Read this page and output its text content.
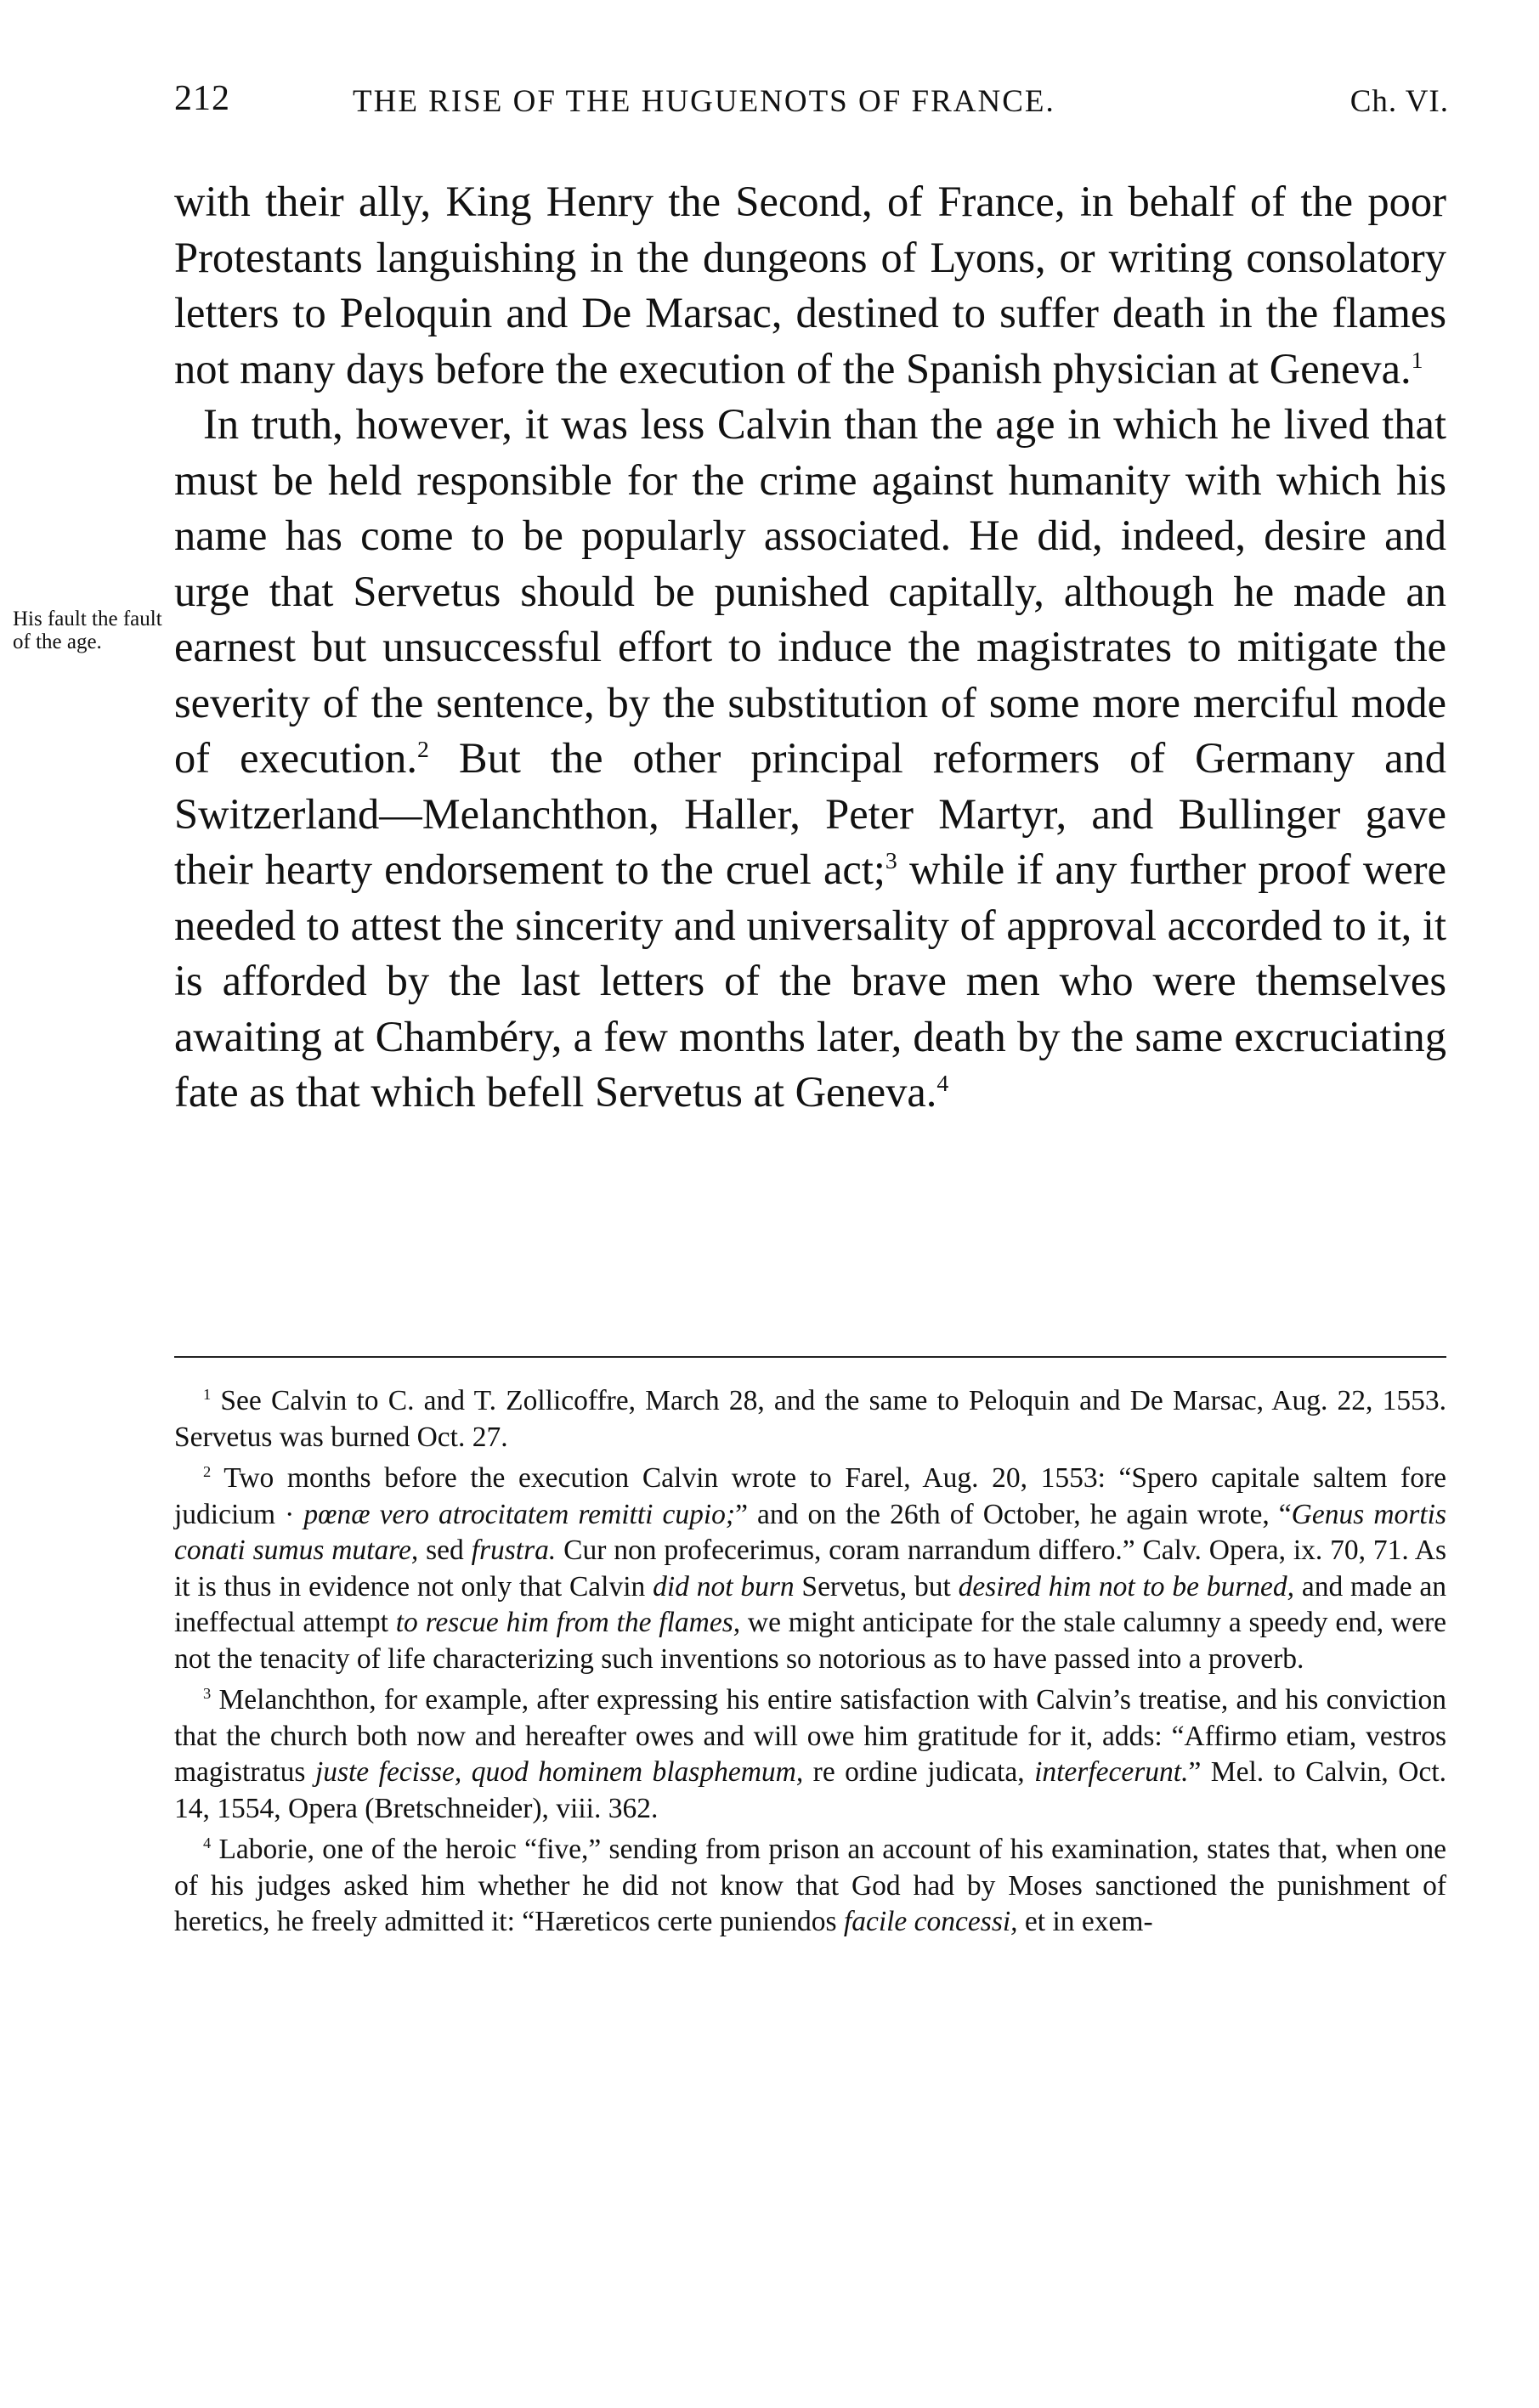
212	THE RISE OF THE HUGUENOTS OF FRANCE.	Ch. VI.

with their ally, King Henry the Second, of France, in behalf of the poor Protestants languishing in the dungeons of Lyons, or writing consolatory letters to Peloquin and De Marsac, destined to suffer death in the flames not many days before the execution of the Spanish physician at Geneva.$^1$

In truth, however, it was less Calvin than the age in which he lived that must be held responsible for the crime against humanity with which his name has come to be popularly associated. He did, indeed, desire and urge that Servetus should be punished capitally, although he made an earnest but unsuccessful effort to induce the magistrates to mitigate the severity of the sentence, by the substitution of some more merciful mode of execution.$^2$ But the other principal reformers of Germany and Switzerland—Melanchthon, Haller, Peter Martyr, and Bullinger gave their hearty endorsement to the cruel act;$^3$ while if any further proof were needed to attest the sincerity and universality of approval accorded to it, it is afforded by the last letters of the brave men who were themselves awaiting at Chambéry, a few months later, death by the same excruciating fate as that which befell Servetus at Geneva.$^4$

His fault the fault of the age.

$^1$ See Calvin to C. and T. Zollicoffre, March 28, and the same to Peloquin and De Marsac, Aug. 22, 1553. Servetus was burned Oct. 27.

$^2$ Two months before the execution Calvin wrote to Farel, Aug. 20, 1553: “Spero capitale saltem fore judicium · pœnæ vero atrocitatem remitti cupio;” and on the 26th of October, he again wrote, “Genus mortis conati sumus mutare, sed frustra. Cur non profecerimus, coram narrandum differo.” Calv. Opera, ix. 70, 71. As it is thus in evidence not only that Calvin did not burn Servetus, but desired him not to be burned, and made an ineffectual attempt to rescue him from the flames, we might anticipate for the stale calumny a speedy end, were not the tenacity of life characterizing such inventions so notorious as to have passed into a proverb.

$^3$ Melanchthon, for example, after expressing his entire satisfaction with Calvin’s treatise, and his conviction that the church both now and hereafter owes and will owe him gratitude for it, adds: “Affirmo etiam, vestros magistratus juste fecisse, quod hominem blasphemum, re ordine judicata, interfecerunt.” Mel. to Calvin, Oct. 14, 1554, Opera (Bretschneider), viii. 362.

$^4$ Laborie, one of the heroic “five,” sending from prison an account of his examination, states that, when one of his judges asked him whether he did not know that God had by Moses sanctioned the punishment of heretics, he freely admitted it: “Hæreticos certe puniendos facile concessi, et in exem-
